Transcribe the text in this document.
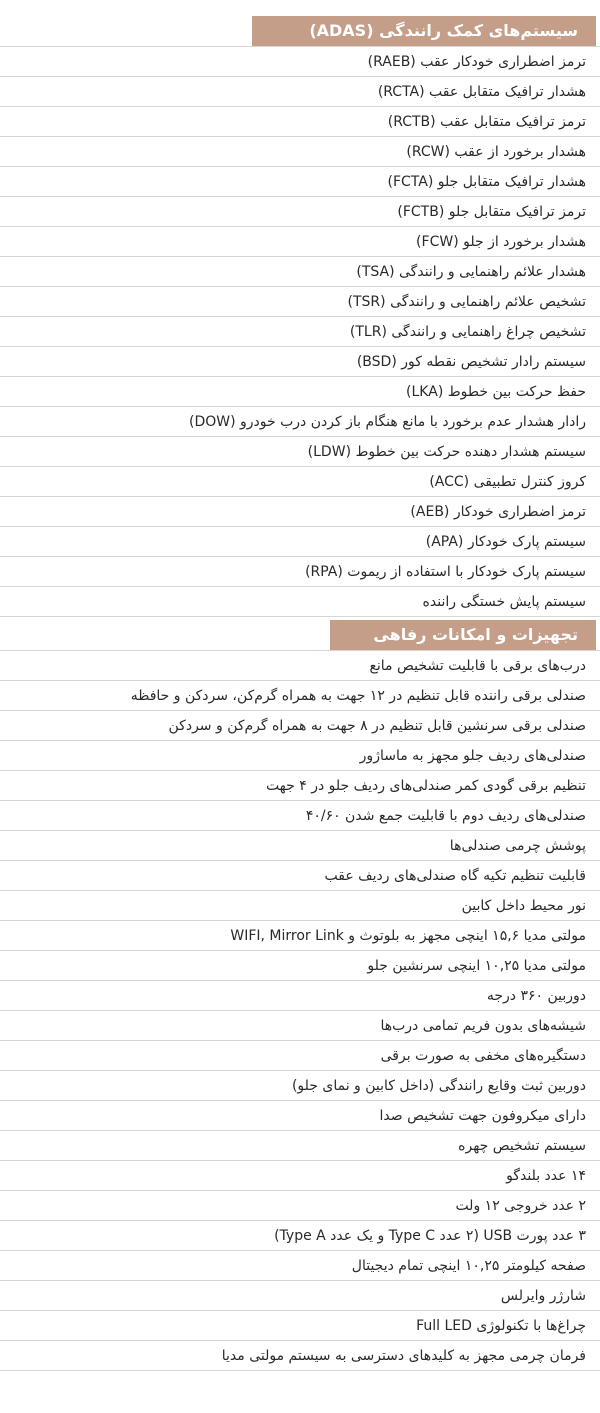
سیستم‌های کمک رانندگی (ADAS)
ترمز اضطراری خودکار عقب (RAEB)
هشدار ترافیک متقابل عقب (RCTA)
ترمز ترافیک متقابل عقب (RCTB)
هشدار برخورد از عقب (RCW)
هشدار ترافیک متقابل جلو (FCTA)
ترمز ترافیک متقابل جلو (FCTB)
هشدار برخورد از جلو (FCW)
هشدار علائم راهنمایی و رانندگی (TSA)
تشخیص علائم راهنمایی و رانندگی (TSR)
تشخیص چراغ راهنمایی و رانندگی (TLR)
سیستم رادار تشخیص نقطه کور (BSD)
حفظ حرکت بین خطوط (LKA)
رادار هشدار عدم برخورد با مانع هنگام باز کردن درب خودرو (DOW)
سیستم هشدار دهنده حرکت بین خطوط (LDW)
کروز کنترل تطبیقی (ACC)
ترمز اضطراری خودکار (AEB)
سیستم پارک خودکار (APA)
سیستم پارک خودکار با استفاده از ریموت (RPA)
سیستم پایش خستگی راننده
تجهیزات و امکانات رفاهی
درب‌های برقی با قابلیت تشخیص مانع
صندلی برقی راننده قابل تنظیم در ۱۲ جهت به همراه گرم‌کن، سردکن و حافظه
صندلی برقی سرنشین قابل تنظیم در ۸ جهت به همراه گرم‌کن و سردکن
صندلی‌های ردیف جلو مجهز به ماساژور
تنظیم برقی گودی کمر صندلی‌های ردیف جلو در ۴ جهت
صندلی‌های ردیف دوم با قابلیت جمع شدن ۴۰/۶۰
پوشش چرمی صندلی‌ها
قابلیت تنظیم تکیه گاه صندلی‌های ردیف عقب
نور محیط داخل کابین
مولتی مدیا ۱۵,۶ اینچی مجهز به بلوتوث و WIFI, Mirror Link
مولتی مدیا ۱۰,۲۵ اینچی سرنشین جلو
دوربین ۳۶۰ درجه
شیشه‌های بدون فریم تمامی درب‌ها
دستگیره‌های مخفی به صورت برقی
دوربین ثبت وقایع رانندگی (داخل کابین و نمای جلو)
دارای میکروفون جهت تشخیص صدا
سیستم تشخیص چهره
۱۴ عدد بلندگو
۲ عدد خروجی ۱۲ ولت
۳ عدد پورت USB (۲ عدد Type C و یک عدد Type A)
صفحه کیلومتر ۱۰,۲۵ اینچی تمام دیجیتال
شارژر وایرلس
چراغ‌ها با تکنولوژی Full LED
فرمان چرمی مجهز به کلیدهای دسترسی به سیستم مولتی مدیا
